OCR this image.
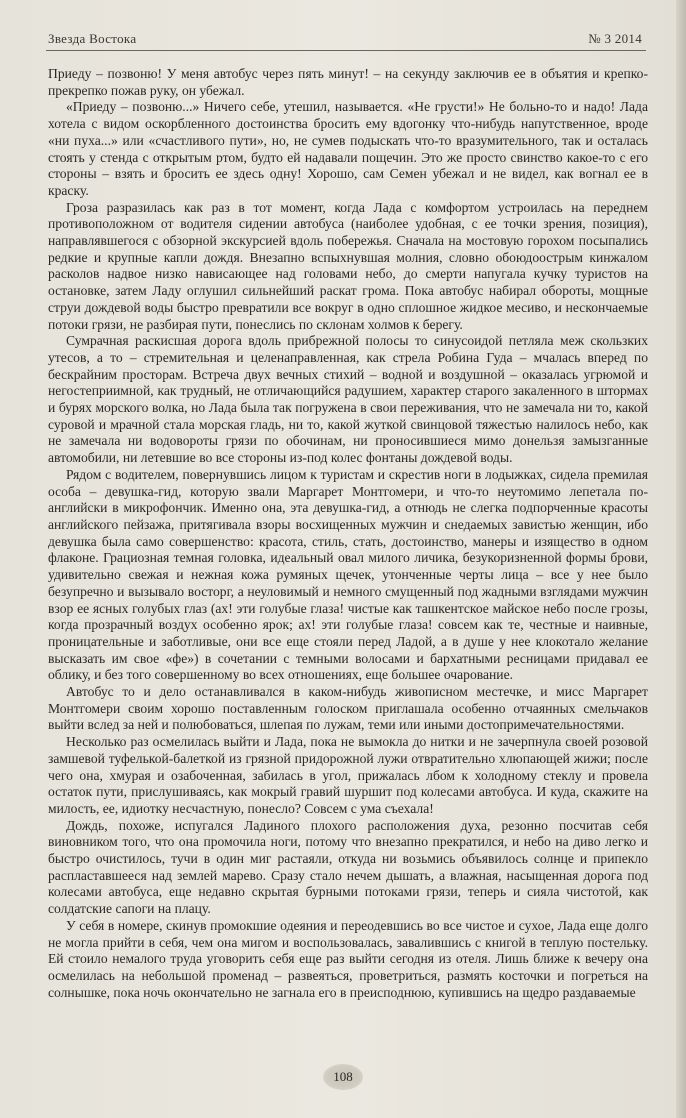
Звезда Востока	№ 3 2014

Приеду – позвоню! У меня автобус через пять минут! – на секунду заключив ее в объятия и крепко-прекрепко пожав руку, он убежал.

«Приеду – позвоню...» Ничего себе, утешил, называется. «Не грусти!» Не больно-то и надо! Лада хотела с видом оскорбленного достоинства бросить ему вдогонку что-нибудь напутственное, вроде «ни пуха...» или «счастливого пути», но, не сумев подыскать что-то вразумительного, так и осталась стоять у стенда с открытым ртом, будто ей надавали пощечин. Это же просто свинство какое-то с его стороны – взять и бросить ее здесь одну! Хорошо, сам Семен убежал и не видел, как вогнал ее в краску.

Гроза разразилась как раз в тот момент, когда Лада с комфортом устроилась на переднем противоположном от водителя сидении автобуса (наиболее удобная, с ее точки зрения, позиция), направлявшегося с обзорной экскурсией вдоль побережья. Сначала на мостовую горохом посыпались редкие и крупные капли дождя. Внезапно вспыхнувшая молния, словно обоюдоострым кинжалом расколов надвое низко нависающее над головами небо, до смерти напугала кучку туристов на остановке, затем Ладу оглушил сильнейший раскат грома. Пока автобус набирал обороты, мощные струи дождевой воды быстро превратили все вокруг в одно сплошное жидкое месиво, и нескончаемые потоки грязи, не разбирая пути, понеслись по склонам холмов к берегу.

Сумрачная раскисшая дорога вдоль прибрежной полосы то синусоидой петляла меж скользких утесов, а то – стремительная и целенаправленная, как стрела Робина Гуда – мчалась вперед по бескрайним просторам. Встреча двух вечных стихий – водной и воздушной – оказалась угрюмой и негостеприимной, как трудный, не отличающийся радушием, характер старого закаленного в штормах и бурях морского волка, но Лада была так погружена в свои переживания, что не замечала ни то, какой суровой и мрачной стала морская гладь, ни то, какой жуткой свинцовой тяжестью налилось небо, как не замечала ни водовороты грязи по обочинам, ни проносившиеся мимо донельзя замызганные автомобили, ни летевшие во все стороны из-под колес фонтаны дождевой воды.

Рядом с водителем, повернувшись лицом к туристам и скрестив ноги в лодыжках, сидела премилая особа – девушка-гид, которую звали Маргарет Монтгомери, и что-то неутомимо лепетала по-английски в микрофончик. Именно она, эта девушка-гид, а отнюдь не слегка подпорченные красоты английского пейзажа, притягивала взоры восхищенных мужчин и снедаемых завистью женщин, ибо девушка была само совершенство: красота, стиль, стать, достоинство, манеры и изящество в одном флаконе. Грациозная темная головка, идеальный овал милого личика, безукоризненной формы брови, удивительно свежая и нежная кожа румяных щечек, утонченные черты лица – все у нее было безупречно и вызывало восторг, а неуловимый и немного смущенный под жадными взглядами мужчин взор ее ясных голубых глаз (ах! эти голубые глаза! чистые как ташкентское майское небо после грозы, когда прозрачный воздух особенно ярок; ах! эти голубые глаза! совсем как те, честные и наивные, проницательные и заботливые, они все еще стояли перед Ладой, а в душе у нее клокотало желание высказать им свое «фе») в сочетании с темными волосами и бархатными ресницами придавал ее облику, и без того совершенному во всех отношениях, еще большее очарование.

Автобус то и дело останавливался в каком-нибудь живописном местечке, и мисс Маргарет Монтгомери своим хорошо поставленным голоском приглашала особенно отчаянных смельчаков выйти вслед за ней и полюбоваться, шлепая по лужам, теми или иными достопримечательностями.

Несколько раз осмелилась выйти и Лада, пока не вымокла до нитки и не зачерпнула своей розовой замшевой туфелькой-балеткой из грязной придорожной лужи отвратительно хлюпающей жижи; после чего она, хмурая и озабоченная, забилась в угол, прижалась лбом к холодному стеклу и провела остаток пути, прислушиваясь, как мокрый гравий шуршит под колесами автобуса. И куда, скажите на милость, ее, идиотку несчастную, понесло? Совсем с ума съехала!

Дождь, похоже, испугался Ладиного плохого расположения духа, резонно посчитав себя виновником того, что она промочила ноги, потому что внезапно прекратился, и небо на диво легко и быстро очистилось, тучи в один миг растаяли, откуда ни возьмись объявилось солнце и припекло распластавшееся над землей марево. Сразу стало нечем дышать, а влажная, насыщенная дорога под колесами автобуса, еще недавно скрытая бурными потоками грязи, теперь и сияла чистотой, как солдатские сапоги на плацу.

У себя в номере, скинув промокшие одеяния и переодевшись во все чистое и сухое, Лада еще долго не могла прийти в себя, чем она мигом и воспользовалась, завалившись с книгой в теплую постельку. Ей стоило немалого труда уговорить себя еще раз выйти сегодня из отеля. Лишь ближе к вечеру она осмелилась на небольшой променад – развеяться, проветриться, размять косточки и погреться на солнышке, пока ночь окончательно не загнала его в преисподнюю, купившись на щедро раздаваемые

108
